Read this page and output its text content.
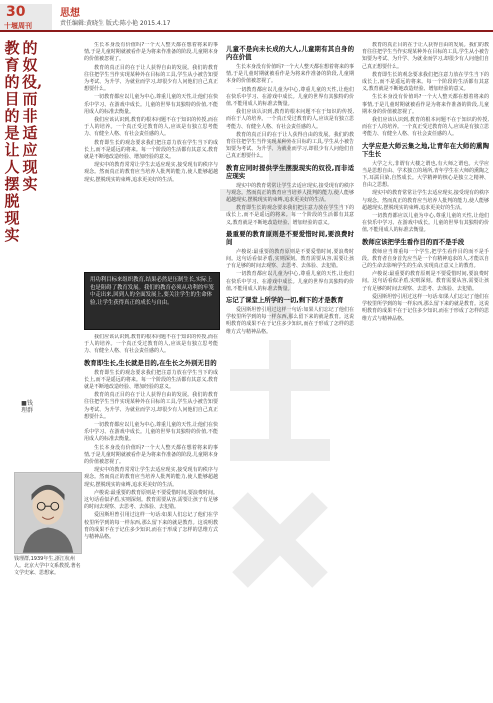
30
十堰周刊
思想
责任编辑:黄晓生 版式:陈小艳 2015.4.17
教育的目的是让人摆脱现实
的奴役,而非适应现实
■钱理群
钱理群,1939年生,浙江杭州人。北京大学中文系教授,著名文学史家、思想家。

生长本身没有价值吗?一个大人整天都在想着将来的事情,于是儿童时期就被看作是为将来作准备的阶段,儿童期本身的价值被忽视了。

教育的真正目的在于让人获得自由的发展。我们的教育往往把学生当作实现某种外在目标的工具,学生从小被告知要为考试、为升学、为就业而学习,却很少有人问他们自己真正想要什么。

一切教育都应以儿童为中心,尊重儿童的天性,让他们在快乐中学习、在游戏中成长。儿童的世界有其独特的价值,不能用成人的标准去衡量。

我们应该认识到,教育的根本问题不在于知识的传授,而在于人的培养。一个真正受过教育的人,应该是有独立思考能力、有健全人格、有社会责任感的人。

教育即生长的观念要求我们把注意力放在学生当下的成长上,而不是遥远的将来。每一个阶段的生活都有其意义,教育就是不断地改造经验、增加经验的意义。

现实中的教育常常让学生去适应现实,接受现有的秩序与观念。然而真正的教育应当培养人批判的能力,使人能够超越现实,摆脱现实的束缚,追求更美好的生活。

用功利目标来组织教育,结果必然是压制生长,实际上也是阻碍了教育发展。我们的教育必须从功利的牢笼中走出来,回到人的全面发展上,要关注学生的生命体验,让学生获得真正的成长与自由。

我们应该认识到,教育的根本问题不在于知识的传授,而在于人的培养。一个真正受过教育的人,应该是有独立思考能力、有健全人格、有社会责任感的人。

教育即生长,生长就是目的,在生长之外别无目的

教育即生长的观念要求我们把注意力放在学生当下的成长上,而不是遥远的将来。每一个阶段的生活都有其意义,教育就是不断地改造经验、增加经验的意义。

教育的真正目的在于让人获得自由的发展。我们的教育往往把学生当作实现某种外在目标的工具,学生从小被告知要为考试、为升学、为就业而学习,却很少有人问他们自己真正想要什么。

一切教育都应以儿童为中心,尊重儿童的天性,让他们在快乐中学习、在游戏中成长。儿童的世界有其独特的价值,不能用成人的标准去衡量。

生长本身没有价值吗?一个大人整天都在想着将来的事情,于是儿童时期就被看作是为将来作准备的阶段,儿童期本身的价值被忽视了。

现实中的教育常常让学生去适应现实,接受现有的秩序与观念。然而真正的教育应当培养人批判的能力,使人能够超越现实,摆脱现实的束缚,追求更美好的生活。

卢梭说:最重要的教育原则是不要爱惜时间,要浪费时间。这句话看似矛盾,实则深刻。教育需要从容,需要让孩子有足够的时间去观察、去思考、去体验、去犯错。

爱因斯坦曾引用过这样一句话:如果人们忘记了他们在学校里所学到的每一样东西,那么留下来的就是教育。这说明教育的成果不在于记住多少知识,而在于形成了怎样的思维方式与精神品格。

儿童不是向未长成的大人,儿童期有其自身的内在价值

生长本身没有价值吗?一个大人整天都在想着将来的事情,于是儿童时期就被看作是为将来作准备的阶段,儿童期本身的价值被忽视了。

一切教育都应以儿童为中心,尊重儿童的天性,让他们在快乐中学习、在游戏中成长。儿童的世界有其独特的价值,不能用成人的标准去衡量。

我们应该认识到,教育的根本问题不在于知识的传授,而在于人的培养。一个真正受过教育的人,应该是有独立思考能力、有健全人格、有社会责任感的人。

教育的真正目的在于让人获得自由的发展。我们的教育往往把学生当作实现某种外在目标的工具,学生从小被告知要为考试、为升学、为就业而学习,却很少有人问他们自己真正想要什么。

教育应同时提供学生摆脱现实的奴役,而非适应现实

现实中的教育常常让学生去适应现实,接受现有的秩序与观念。然而真正的教育应当培养人批判的能力,使人能够超越现实,摆脱现实的束缚,追求更美好的生活。

教育即生长的观念要求我们把注意力放在学生当下的成长上,而不是遥远的将来。每一个阶段的生活都有其意义,教育就是不断地改造经验、增加经验的意义。

最重要的教育原则是不要爱惜时间,要浪费时间

卢梭说:最重要的教育原则是不要爱惜时间,要浪费时间。这句话看似矛盾,实则深刻。教育需要从容,需要让孩子有足够的时间去观察、去思考、去体验、去犯错。

一切教育都应以儿童为中心,尊重儿童的天性,让他们在快乐中学习、在游戏中成长。儿童的世界有其独特的价值,不能用成人的标准去衡量。

忘记了课堂上所学的一切,剩下的才是教育

爱因斯坦曾引用过这样一句话:如果人们忘记了他们在学校里所学到的每一样东西,那么留下来的就是教育。这说明教育的成果不在于记住多少知识,而在于形成了怎样的思维方式与精神品格。

教育的真正目的在于让人获得自由的发展。我们的教育往往把学生当作实现某种外在目标的工具,学生从小被告知要为考试、为升学、为就业而学习,却很少有人问他们自己真正想要什么。

教育即生长的观念要求我们把注意力放在学生当下的成长上,而不是遥远的将来。每一个阶段的生活都有其意义,教育就是不断地改造经验、增加经验的意义。

生长本身没有价值吗?一个大人整天都在想着将来的事情,于是儿童时期就被看作是为将来作准备的阶段,儿童期本身的价值被忽视了。

我们应该认识到,教育的根本问题不在于知识的传授,而在于人的培养。一个真正受过教育的人,应该是有独立思考能力、有健全人格、有社会责任感的人。

大学应是大师云集之地,让青年在大师的熏陶下生长

大学之大,非谓有大楼之谓也,有大师之谓也。大学应当是思想自由、学术独立的场所,青年学生在大师的熏陶之下,耳濡目染,自然成长。大学精神的核心是独立之精神、自由之思想。

现实中的教育常常让学生去适应现实,接受现有的秩序与观念。然而真正的教育应当培养人批判的能力,使人能够超越现实,摆脱现实的束缚,追求更美好的生活。

一切教育都应以儿童为中心,尊重儿童的天性,让他们在快乐中学习、在游戏中成长。儿童的世界有其独特的价值,不能用成人的标准去衡量。

教师应该把学生看作目的而不是手段

教师应当尊重每一个学生,把学生看作目的而不是手段。教育者自身首先应当是一个有精神追求的人,才能以自己的生命去影响学生的生命,实现真正意义上的教育。

卢梭说:最重要的教育原则是不要爱惜时间,要浪费时间。这句话看似矛盾,实则深刻。教育需要从容,需要让孩子有足够的时间去观察、去思考、去体验、去犯错。

爱因斯坦曾引用过这样一句话:如果人们忘记了他们在学校里所学到的每一样东西,那么留下来的就是教育。这说明教育的成果不在于记住多少知识,而在于形成了怎样的思维方式与精神品格。
